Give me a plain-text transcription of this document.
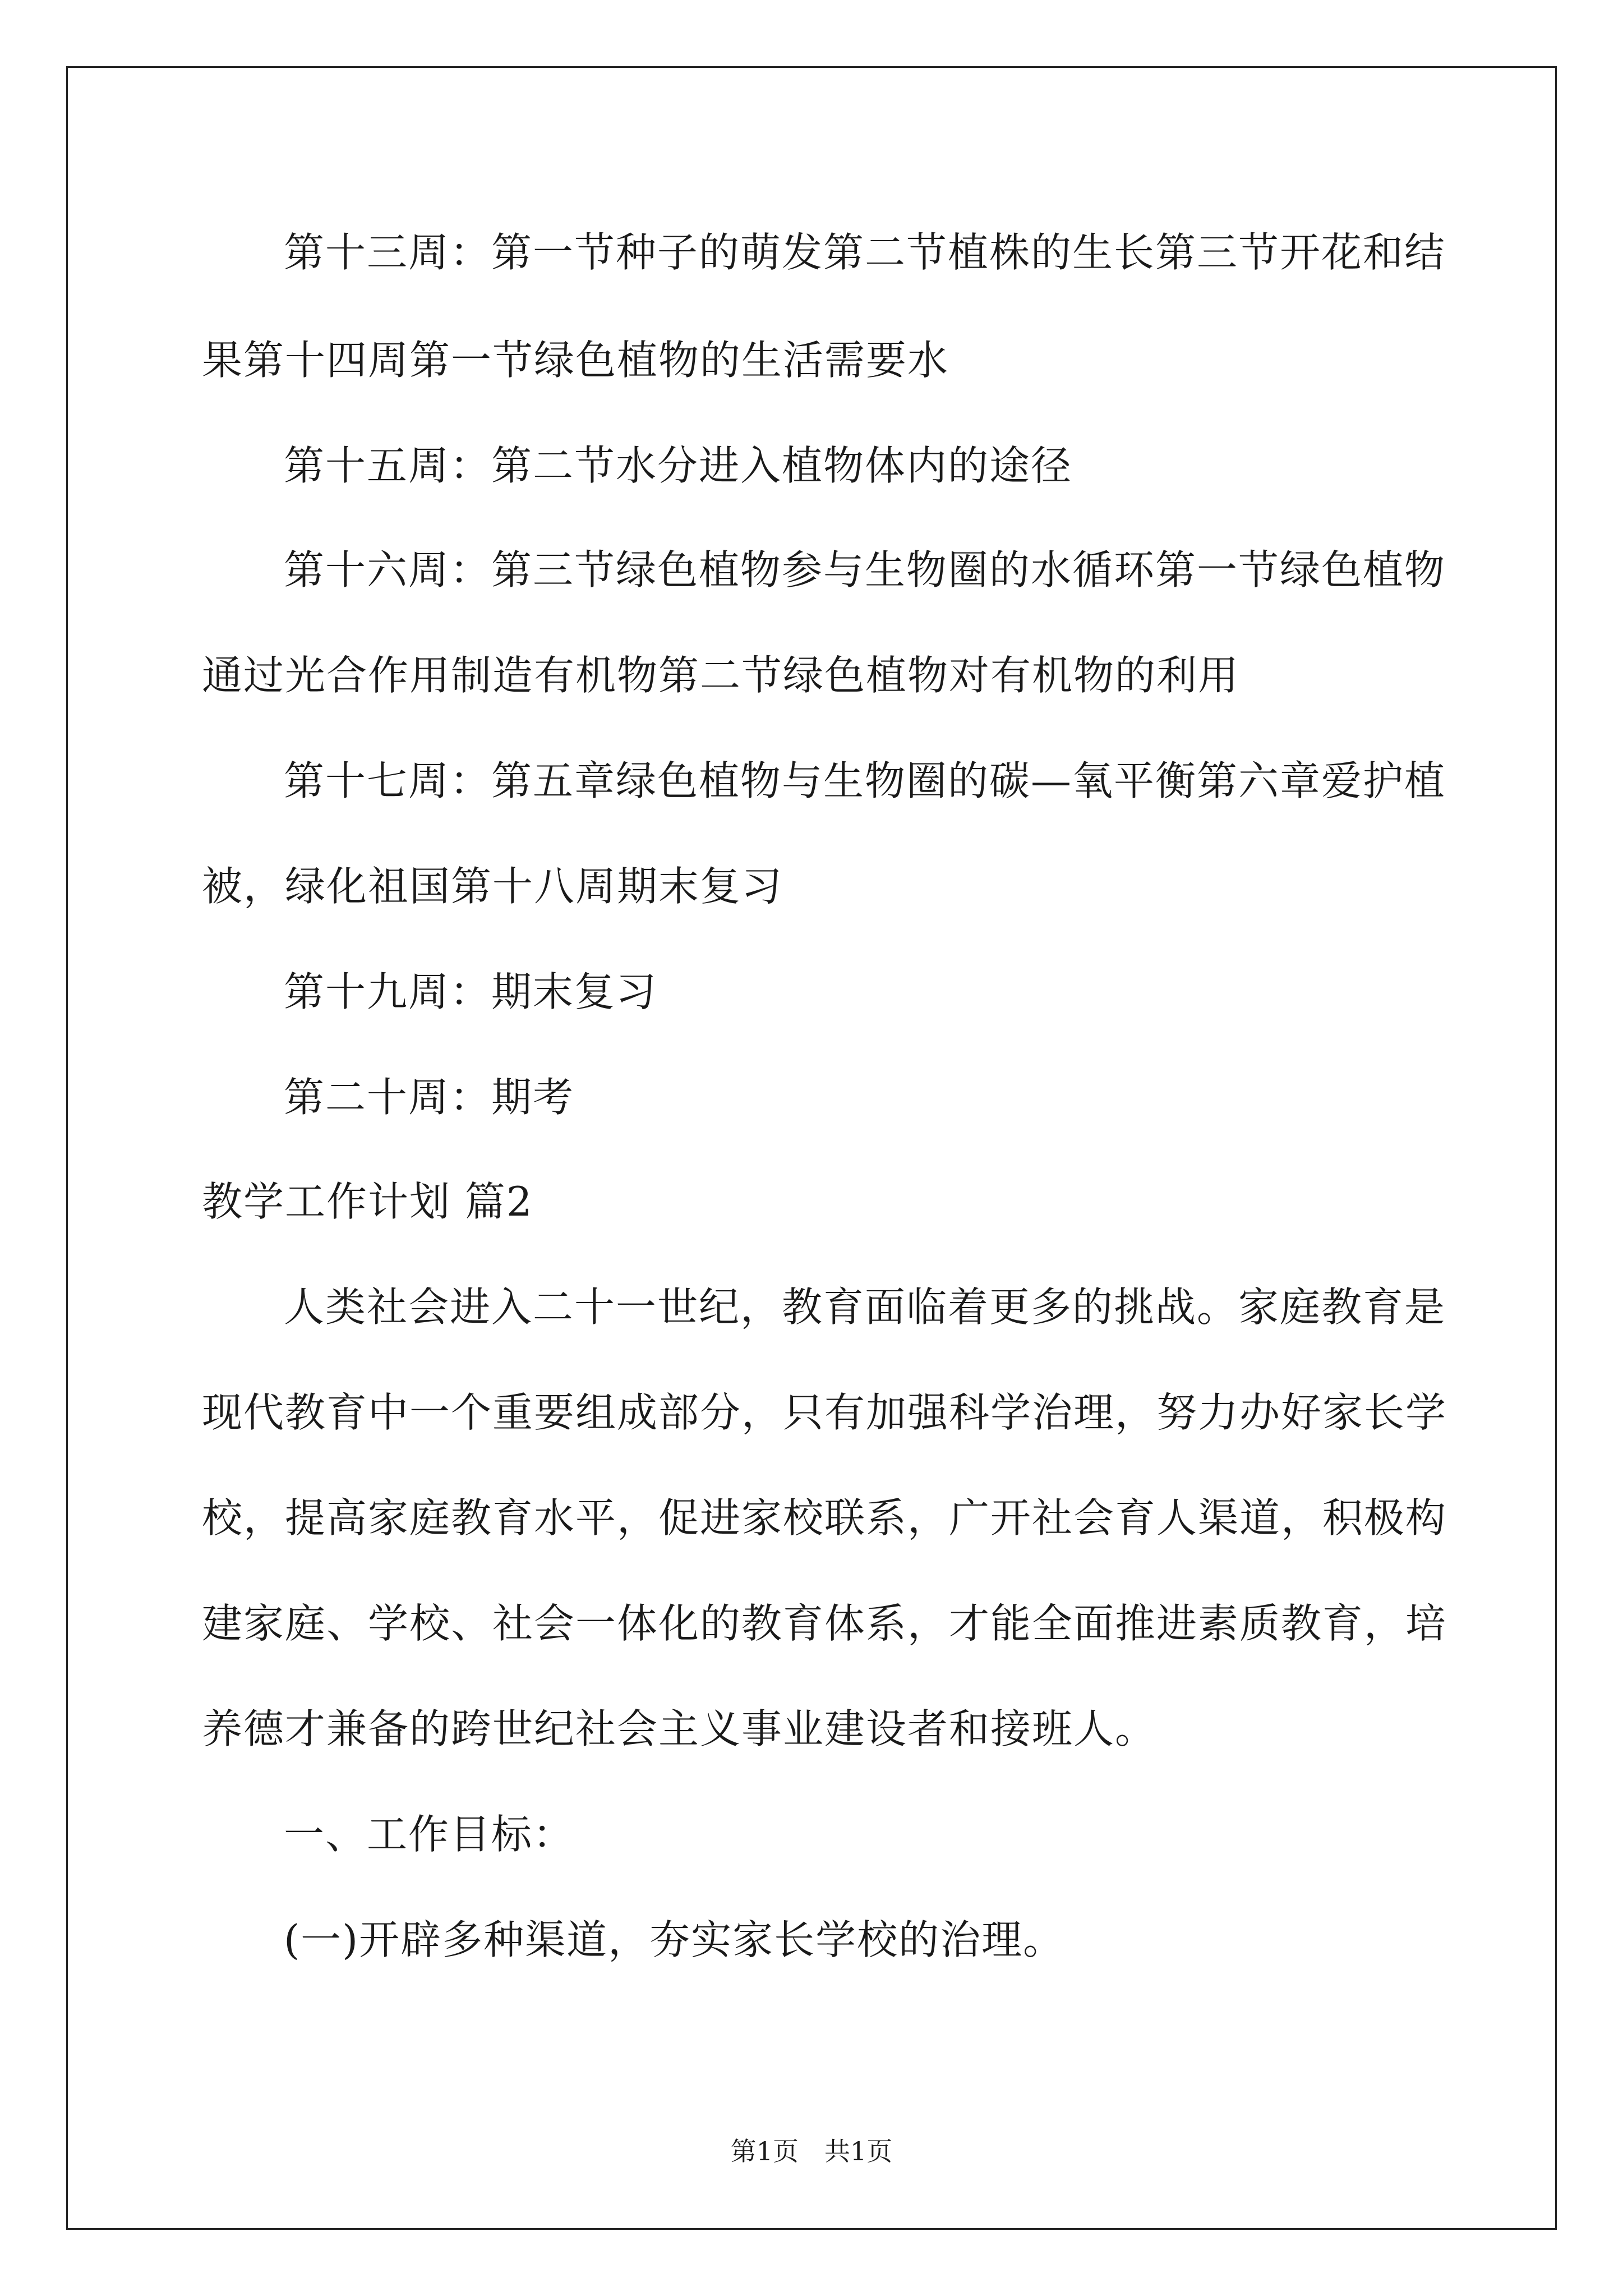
第十三周：第一节种子的萌发第二节植株的生长第三节开花和结
果第十四周第一节绿色植物的生活需要水
第十五周：第二节水分进入植物体内的途径
第十六周：第三节绿色植物参与生物圈的水循环第一节绿色植物
通过光合作用制造有机物第二节绿色植物对有机物的利用
第十七周：第五章绿色植物与生物圈的碳—氧平衡第六章爱护植
被，绿化祖国第十八周期末复习
第十九周：期末复习
第二十周：期考
教学工作计划 篇2
人类社会进入二十一世纪，教育面临着更多的挑战。家庭教育是
现代教育中一个重要组成部分，只有加强科学治理，努力办好家长学
校，提高家庭教育水平，促进家校联系，广开社会育人渠道，积极构
建家庭、学校、社会一体化的教育体系，才能全面推进素质教育，培
养德才兼备的跨世纪社会主义事业建设者和接班人。
一、工作目标：
(一)开辟多种渠道，夯实家长学校的治理。
第1页　共1页
